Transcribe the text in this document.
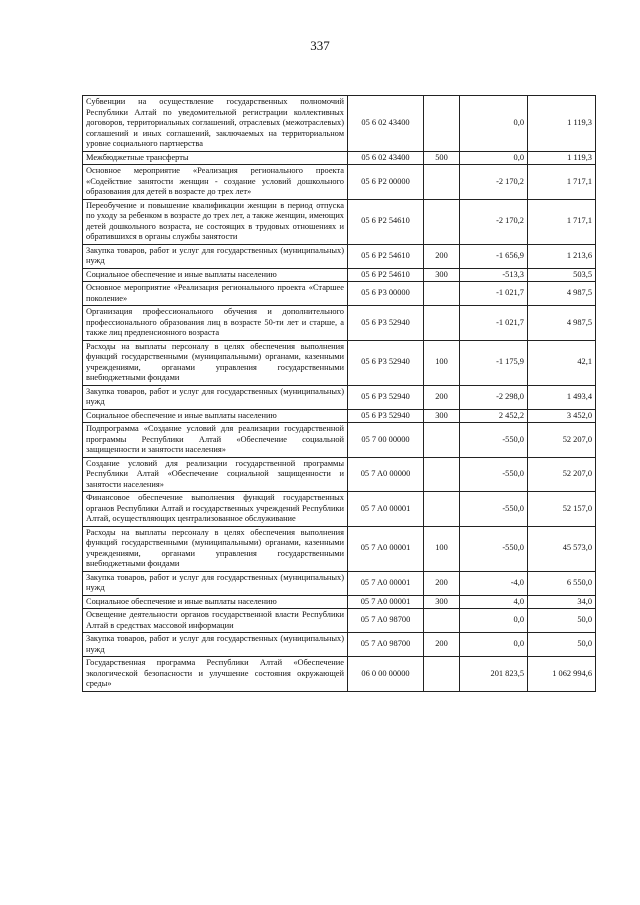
337
Субвенции на осуществление государственных полномочий Республики Алтай по уведомительной регистрации коллективных договоров, территориальных соглашений, отраслевых (межотраслевых) соглашений и иных соглашений, заключаемых на территориальном уровне социального партнерства	05 6 02 43400		0,0	1 119,3
Межбюджетные трансферты	05 6 02 43400	500	0,0	1 119,3
Основное мероприятие «Реализация регионального проекта «Содействие занятости женщин - создание условий дошкольного образования для детей в возрасте до трех лет»	05 6 P2 00000		-2 170,2	1 717,1
Переобучение и повышение квалификации женщин в период отпуска по уходу за ребенком в возрасте до трех лет, а также женщин, имеющих детей дошкольного возраста, не состоящих в трудовых отношениях и обратившихся в органы службы занятости	05 6 P2 54610		-2 170,2	1 717,1
Закупка товаров, работ и услуг для государственных (муниципальных) нужд	05 6 P2 54610	200	-1 656,9	1 213,6
Социальное обеспечение и иные выплаты населению	05 6 P2 54610	300	-513,3	503,5
Основное мероприятие «Реализация регионального проекта «Старшее поколение»	05 6 P3 00000		-1 021,7	4 987,5
Организация профессионального обучения и дополнительного профессионального образования лиц в возрасте 50-ти лет и старше, а также лиц предпенсионного возраста	05 6 P3 52940		-1 021,7	4 987,5
Расходы на выплаты персоналу в целях обеспечения выполнения функций государственными (муниципальными) органами, казенными учреждениями, органами управления государственными внебюджетными фондами	05 6 P3 52940	100	-1 175,9	42,1
Закупка товаров, работ и услуг для государственных (муниципальных) нужд	05 6 P3 52940	200	-2 298,0	1 493,4
Социальное обеспечение и иные выплаты населению	05 6 P3 52940	300	2 452,2	3 452,0
Подпрограмма «Создание условий для реализации государственной программы Республики Алтай «Обеспечение социальной защищенности и занятости населения»	05 7 00 00000		-550,0	52 207,0
Создание условий для реализации государственной программы Республики Алтай «Обеспечение социальной защищенности и занятости населения»	05 7 A0 00000		-550,0	52 207,0
Финансовое обеспечение выполнения функций государственных органов Республики Алтай и государственных учреждений Республики Алтай, осуществляющих централизованное обслуживание	05 7 A0 00001		-550,0	52 157,0
Расходы на выплаты персоналу в целях обеспечения выполнения функций государственными (муниципальными) органами, казенными учреждениями, органами управления государственными внебюджетными фондами	05 7 A0 00001	100	-550,0	45 573,0
Закупка товаров, работ и услуг для государственных (муниципальных) нужд	05 7 A0 00001	200	-4,0	6 550,0
Социальное обеспечение и иные выплаты населению	05 7 A0 00001	300	4,0	34,0
Освещение деятельности органов государственной власти Республики Алтай в средствах массовой информации	05 7 A0 98700		0,0	50,0
Закупка товаров, работ и услуг для государственных (муниципальных) нужд	05 7 A0 98700	200	0,0	50,0
Государственная программа Республики Алтай «Обеспечение экологической безопасности и улучшение состояния окружающей среды»	06 0 00 00000		201 823,5	1 062 994,6
